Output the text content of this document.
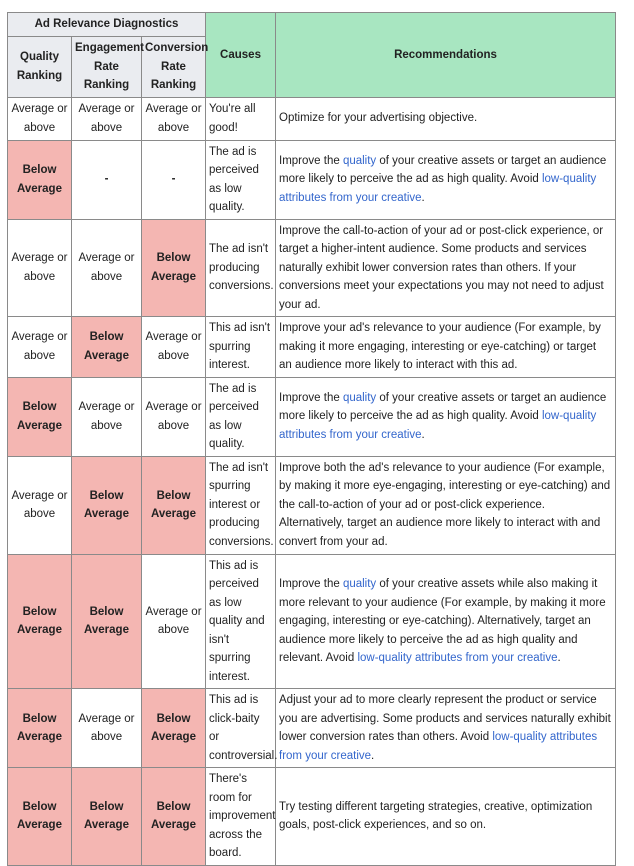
Ad Relevance Diagnostics			Causes	Recommendations
Quality Ranking	Engagement Rate Ranking	Conversion Rate Ranking		
Average or above	Average or above	Average or above	You're all good!	Optimize for your advertising objective.
Below Average	-	-	The ad is perceived as low quality.	Improve the quality of your creative assets or target an audience more likely to perceive the ad as high quality. Avoid low-quality attributes from your creative.
Average or above	Average or above	Below Average	The ad isn't producing conversions.	Improve the call-to-action of your ad or post-click experience, or target a higher-intent audience. Some products and services naturally exhibit lower conversion rates than others. If your conversions meet your expectations you may not need to adjust your ad.
Average or above	Below Average	Average or above	This ad isn't spurring interest.	Improve your ad's relevance to your audience (For example, by making it more engaging, interesting or eye-catching) or target an audience more likely to interact with this ad.
Below Average	Average or above	Average or above	The ad is perceived as low quality.	Improve the quality of your creative assets or target an audience more likely to perceive the ad as high quality. Avoid low-quality attributes from your creative.
Average or above	Below Average	Below Average	The ad isn't spurring interest or producing conversions.	Improve both the ad's relevance to your audience (For example, by making it more eye-engaging, interesting or eye-catching) and the call-to-action of your ad or post-click experience. Alternatively, target an audience more likely to interact with and convert from your ad.
Below Average	Below Average	Average or above	This ad is perceived as low quality and isn't spurring interest.	Improve the quality of your creative assets while also making it more relevant to your audience (For example, by making it more engaging, interesting or eye-catching). Alternatively, target an audience more likely to perceive the ad as high quality and relevant. Avoid low-quality attributes from your creative.
Below Average	Average or above	Below Average	This ad is click-baity or controversial.	Adjust your ad to more clearly represent the product or service you are advertising. Some products and services naturally exhibit lower conversion rates than others. Avoid low-quality attributes from your creative.
Below Average	Below Average	Below Average	There's room for improvement across the board.	Try testing different targeting strategies, creative, optimization goals, post-click experiences, and so on.
